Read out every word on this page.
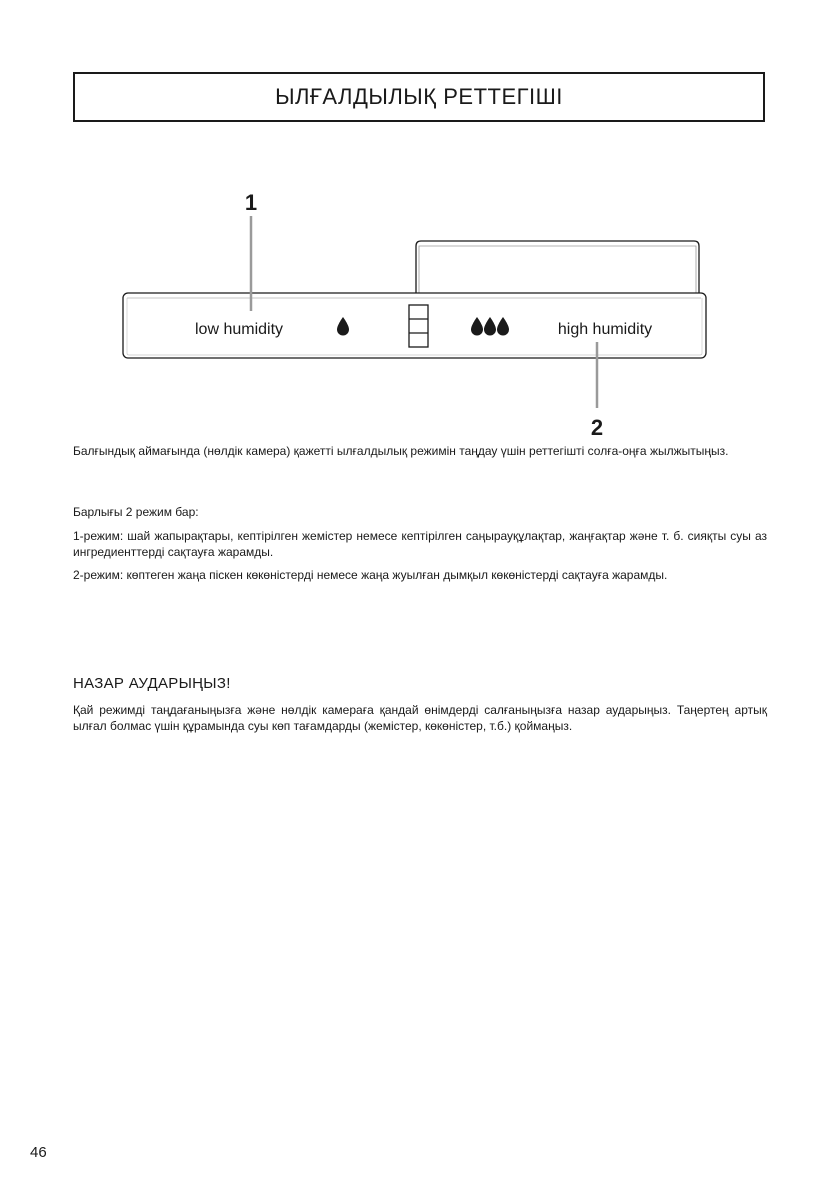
ЫЛҒАЛДЫЛЫҚ РЕТТЕГІШІ
1
low humidity	high humidity
2

Балғындық аймағында (нөлдік камера) қажетті ылғалдылық режимін таңдау үшін реттегішті солға-оңға жылжытыңыз.

Барлығы 2 режим бар:

1-режим: шай жапырақтары, кептірілген жемістер немесе кептірілген саңырауқұлақтар, жаңғақтар және т. б. сияқты суы аз ингредиенттерді сақтауға жарамды.

2-режим: көптеген жаңа піскен көкөністерді немесе жаңа жуылған дымқыл көкөністерді сақтауға жарамды.

НАЗАР АУДАРЫҢЫЗ!

Қай режимді таңдағаныңызға және нөлдік камераға қандай өнімдерді салғаныңызға назар аударыңыз. Таңертең артық ылғал болмас үшін құрамында суы көп тағамдарды (жемістер, көкөністер, т.б.) қоймаңыз.

46
